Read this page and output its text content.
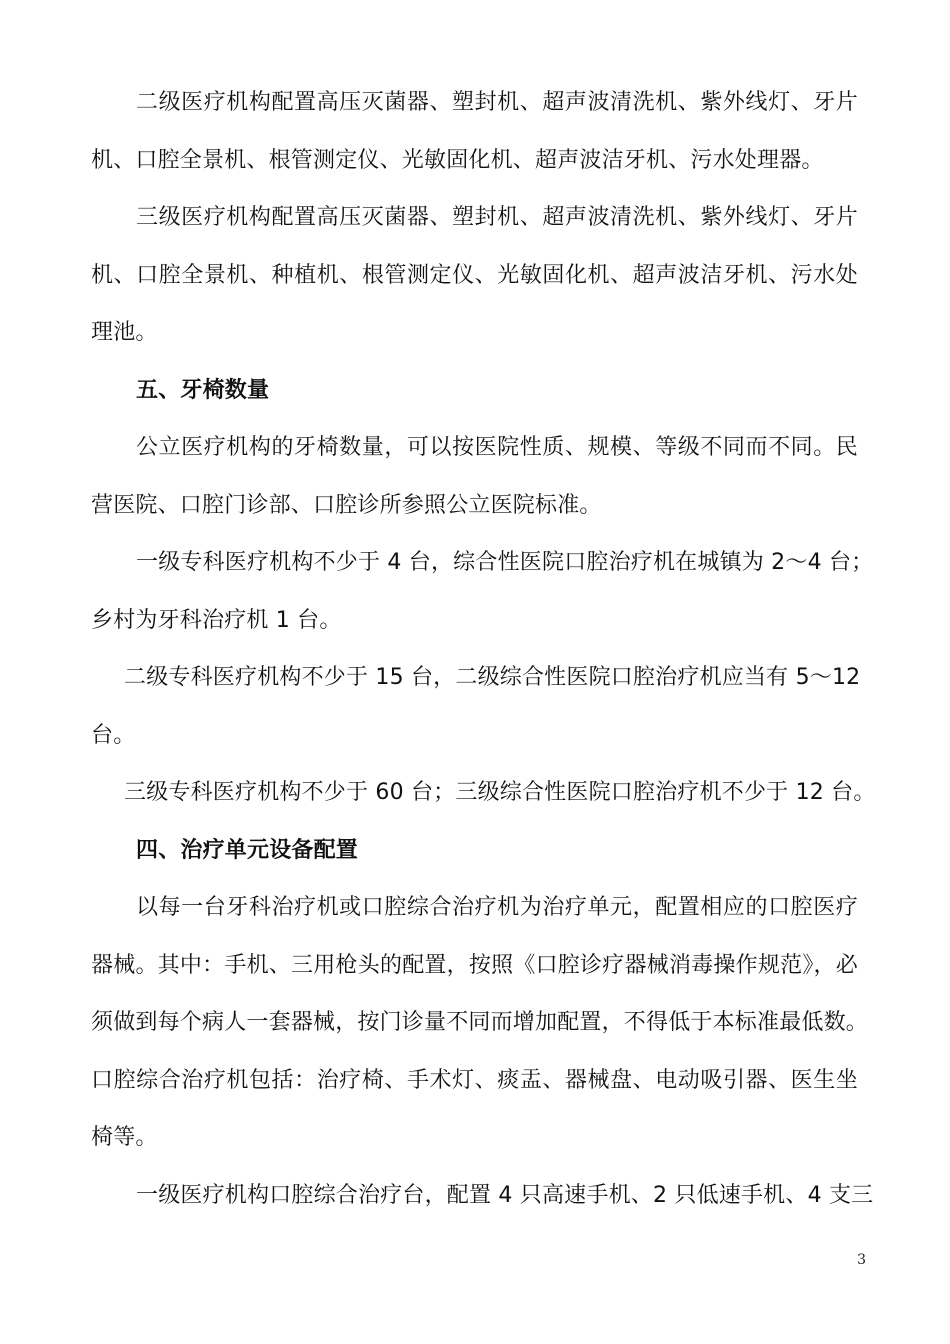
二级医疗机构配置高压灭菌器、塑封机、超声波清洗机、紫外线灯、牙片
机、口腔全景机、根管测定仪、光敏固化机、超声波洁牙机、污水处理器。
三级医疗机构配置高压灭菌器、塑封机、超声波清洗机、紫外线灯、牙片
机、口腔全景机、种植机、根管测定仪、光敏固化机、超声波洁牙机、污水处
理池。
五、牙椅数量
公立医疗机构的牙椅数量，可以按医院性质、规模、等级不同而不同。民
营医院、口腔门诊部、口腔诊所参照公立医院标准。
一级专科医疗机构不少于 4 台，综合性医院口腔治疗机在城镇为 2～4 台；
乡村为牙科治疗机 1 台。
二级专科医疗机构不少于 15 台，二级综合性医院口腔治疗机应当有 5～12
台。
三级专科医疗机构不少于 60 台；三级综合性医院口腔治疗机不少于 12 台。
四、治疗单元设备配置
以每一台牙科治疗机或口腔综合治疗机为治疗单元，配置相应的口腔医疗
器械。其中：手机、三用枪头的配置，按照《口腔诊疗器械消毒操作规范》，必
须做到每个病人一套器械，按门诊量不同而增加配置，不得低于本标准最低数。
口腔综合治疗机包括：治疗椅、手术灯、痰盂、器械盘、电动吸引器、医生坐
椅等。
一级医疗机构口腔综合治疗台，配置 4 只高速手机、2 只低速手机、4 支三
3
